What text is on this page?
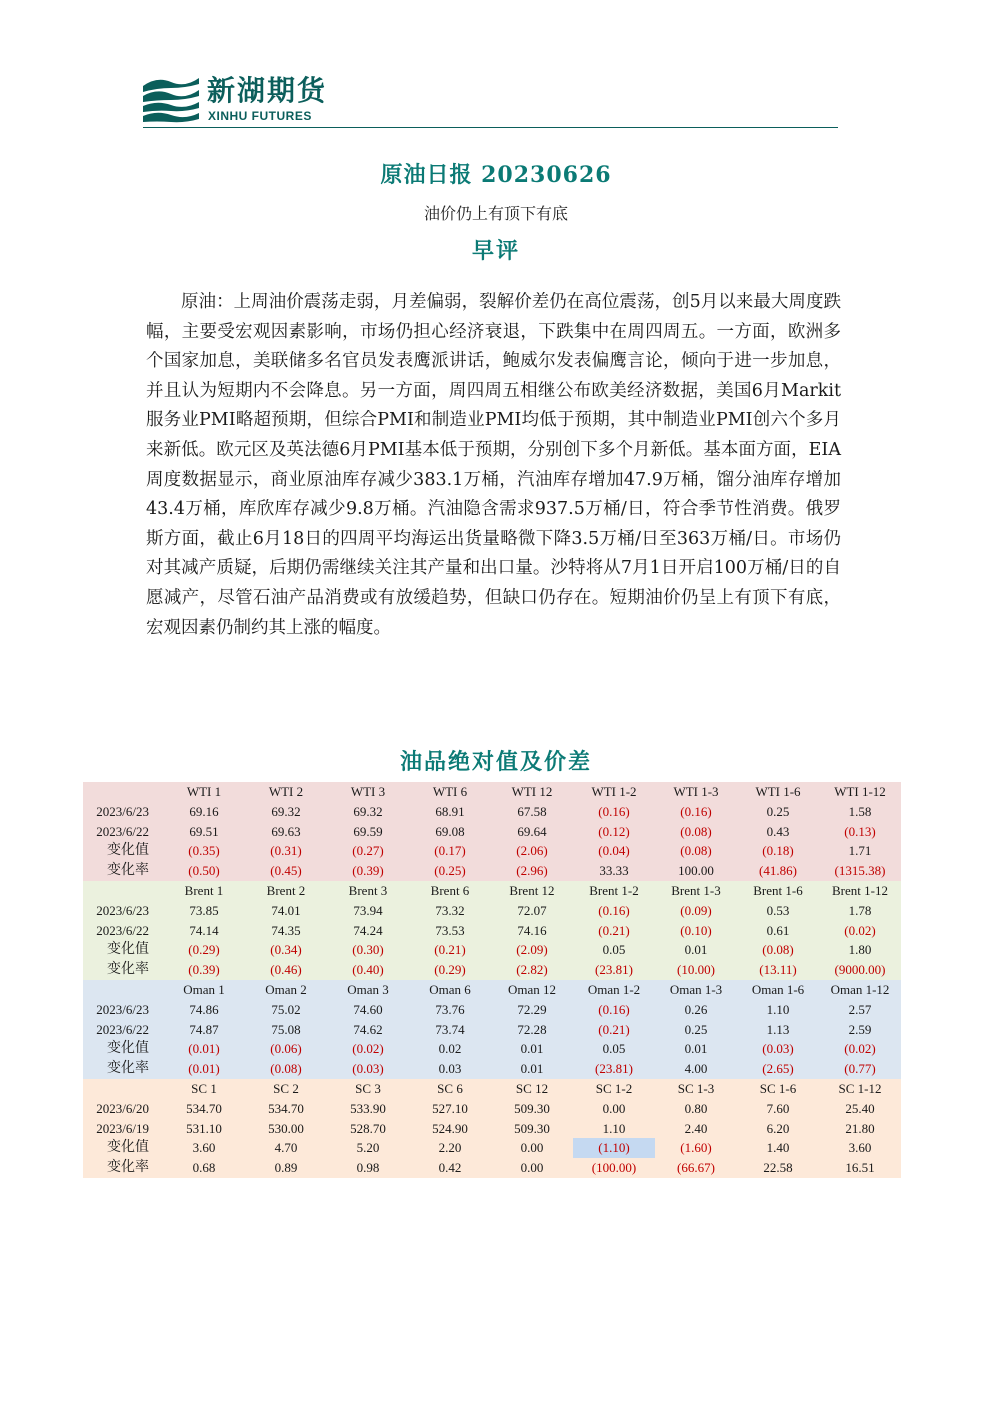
新湖期货
XINHU FUTURES
原油日报 20230626
油价仍上有顶下有底
早评
原油：上周油价震荡走弱，月差偏弱，裂解价差仍在高位震荡，创5月以来最大周度跌幅，主要受宏观因素影响，市场仍担心经济衰退，下跌集中在周四周五。一方面，欧洲多个国家加息，美联储多名官员发表鹰派讲话，鲍威尔发表偏鹰言论，倾向于进一步加息，并且认为短期内不会降息。另一方面，周四周五相继公布欧美经济数据，美国6月Markit服务业PMI略超预期，但综合PMI和制造业PMI均低于预期，其中制造业PMI创六个多月来新低。欧元区及英法德6月PMI基本低于预期，分别创下多个月新低。基本面方面，EIA周度数据显示，商业原油库存减少383.1万桶，汽油库存增加47.9万桶，馏分油库存增加43.4万桶，库欣库存减少9.8万桶。汽油隐含需求937.5万桶/日，符合季节性消费。俄罗斯方面，截止6月18日的四周平均海运出货量略微下降3.5万桶/日至363万桶/日。市场仍对其减产质疑，后期仍需继续关注其产量和出口量。沙特将从7月1日开启100万桶/日的自愿减产，尽管石油产品消费或有放缓趋势，但缺口仍存在。短期油价仍呈上有顶下有底，宏观因素仍制约其上涨的幅度。
油品绝对值及价差
	WTI 1	WTI 2	WTI 3	WTI 6	WTI 12	WTI 1-2	WTI 1-3	WTI 1-6	WTI 1-12
2023/6/23	69.16	69.32	69.32	68.91	67.58	(0.16)	(0.16)	0.25	1.58
2023/6/22	69.51	69.63	69.59	69.08	69.64	(0.12)	(0.08)	0.43	(0.13)
变化值	(0.35)	(0.31)	(0.27)	(0.17)	(2.06)	(0.04)	(0.08)	(0.18)	1.71
变化率	(0.50)	(0.45)	(0.39)	(0.25)	(2.96)	33.33	100.00	(41.86)	(1315.38)
	Brent 1	Brent 2	Brent 3	Brent 6	Brent 12	Brent 1-2	Brent 1-3	Brent 1-6	Brent 1-12
2023/6/23	73.85	74.01	73.94	73.32	72.07	(0.16)	(0.09)	0.53	1.78
2023/6/22	74.14	74.35	74.24	73.53	74.16	(0.21)	(0.10)	0.61	(0.02)
变化值	(0.29)	(0.34)	(0.30)	(0.21)	(2.09)	0.05	0.01	(0.08)	1.80
变化率	(0.39)	(0.46)	(0.40)	(0.29)	(2.82)	(23.81)	(10.00)	(13.11)	(9000.00)
	Oman 1	Oman 2	Oman 3	Oman 6	Oman 12	Oman 1-2	Oman 1-3	Oman 1-6	Oman 1-12
2023/6/23	74.86	75.02	74.60	73.76	72.29	(0.16)	0.26	1.10	2.57
2023/6/22	74.87	75.08	74.62	73.74	72.28	(0.21)	0.25	1.13	2.59
变化值	(0.01)	(0.06)	(0.02)	0.02	0.01	0.05	0.01	(0.03)	(0.02)
变化率	(0.01)	(0.08)	(0.03)	0.03	0.01	(23.81)	4.00	(2.65)	(0.77)
	SC 1	SC 2	SC 3	SC 6	SC 12	SC 1-2	SC 1-3	SC 1-6	SC 1-12
2023/6/20	534.70	534.70	533.90	527.10	509.30	0.00	0.80	7.60	25.40
2023/6/19	531.10	530.00	528.70	524.90	509.30	1.10	2.40	6.20	21.80
变化值	3.60	4.70	5.20	2.20	0.00	(1.10)	(1.60)	1.40	3.60
变化率	0.68	0.89	0.98	0.42	0.00	(100.00)	(66.67)	22.58	16.51
